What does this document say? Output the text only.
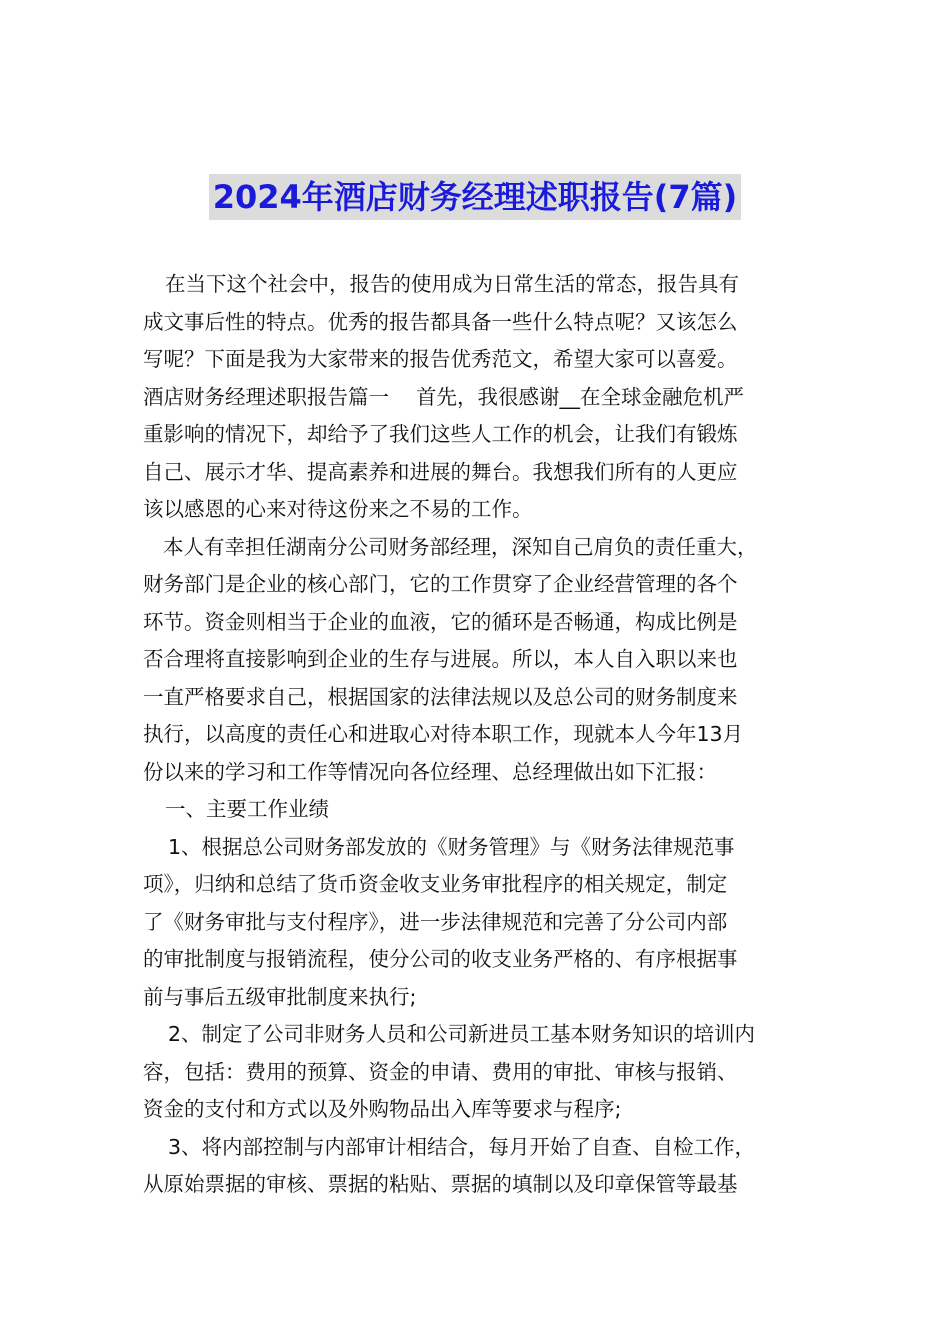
2024年酒店财务经理述职报告(7篇)
在当下这个社会中，报告的使用成为日常生活的常态，报告具有
成文事后性的特点。优秀的报告都具备一些什么特点呢？又该怎么
写呢？下面是我为大家带来的报告优秀范文，希望大家可以喜爱。
酒店财务经理述职报告篇一　 首先，我很感谢__在全球金融危机严
重影响的情况下，却给予了我们这些人工作的机会，让我们有锻炼
自己、展示才华、提高素养和进展的舞台。我想我们所有的人更应
该以感恩的心来对待这份来之不易的工作。
本人有幸担任湖南分公司财务部经理，深知自己肩负的责任重大，
财务部门是企业的核心部门，它的工作贯穿了企业经营管理的各个
环节。资金则相当于企业的血液，它的循环是否畅通，构成比例是
否合理将直接影响到企业的生存与进展。所以，本人自入职以来也
一直严格要求自己，根据国家的法律法规以及总公司的财务制度来
执行，以高度的责任心和进取心对待本职工作，现就本人今年13月
份以来的学习和工作等情况向各位经理、总经理做出如下汇报：
一、主要工作业绩
1、根据总公司财务部发放的《财务管理》与《财务法律规范事
项》，归纳和总结了货币资金收支业务审批程序的相关规定，制定
了《财务审批与支付程序》，进一步法律规范和完善了分公司内部
的审批制度与报销流程，使分公司的收支业务严格的、有序根据事
前与事后五级审批制度来执行;
2、制定了公司非财务人员和公司新进员工基本财务知识的培训内
容，包括：费用的预算、资金的申请、费用的审批、审核与报销、
资金的支付和方式以及外购物品出入库等要求与程序;
3、将内部控制与内部审计相结合，每月开始了自查、自检工作，
从原始票据的审核、票据的粘贴、票据的填制以及印章保管等最基
